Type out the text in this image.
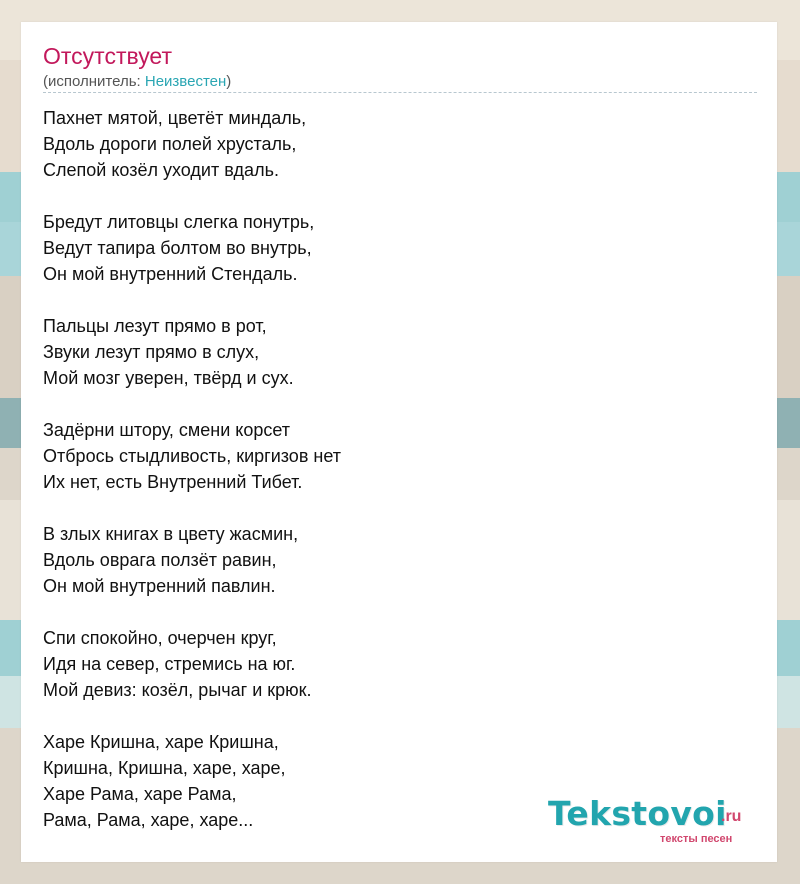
Отсутствует
(исполнитель: Неизвестен)
Пахнет мятой, цветёт миндаль,
Вдоль дороги полей хрусталь,
Слепой козёл уходит вдаль.
Бредут литовцы слегка понутрь,
Ведут тапира болтом во внутрь,
Он мой внутренний Стендаль.
Пальцы лезут прямо в рот,
Звуки лезут прямо в слух,
Мой мозг уверен, твёрд и сух.
Задёрни штору, смени корсет
Отбрось стыдливость, киргизов нет
Их нет, есть Внутренний Тибет.
В злых книгах в цвету жасмин,
Вдоль оврага ползёт равин,
Он мой внутренний павлин.
Спи спокойно, очерчен круг,
Идя на север, стремись на юг.
Мой девиз: козёл, рычаг и крюк.
Харе Кришна, харе Кришна,
Кришна, Кришна, харе, харе,
Харе Рама, харе Рама,
Рама, Рама, харе, харе...	Tekstovoi
.ru
тексты песен
